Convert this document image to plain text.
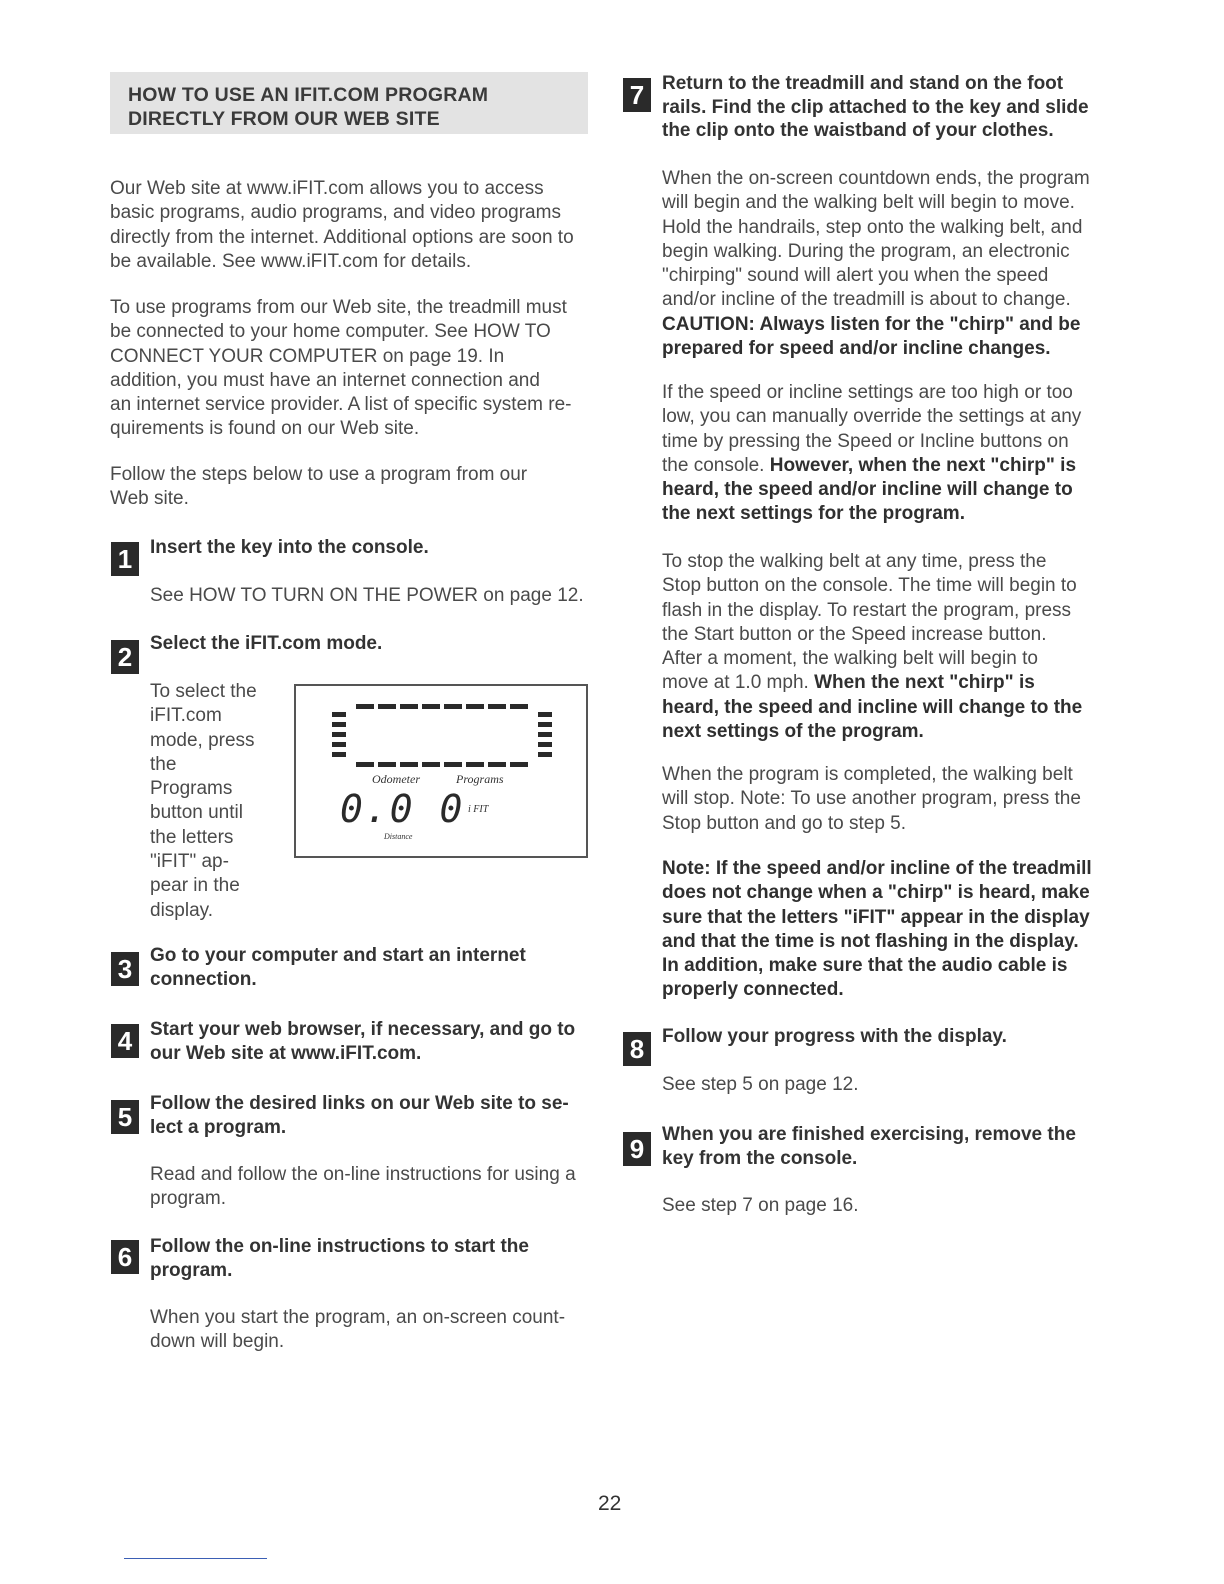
HOW TO USE AN IFIT.COM PROGRAM
DIRECTLY FROM OUR WEB SITE
Our Web site at www.iFIT.com allows you to access
basic programs, audio programs, and video programs
directly from the internet. Additional options are soon to
be available. See www.iFIT.com for details.
To use programs from our Web site, the treadmill must
be connected to your home computer. See HOW TO
CONNECT YOUR COMPUTER on page 19. In
addition, you must have an internet connection and
an internet service provider. A list of specific system re-
quirements is found on our Web site.
Follow the steps below to use a program from our
Web site.
1 Insert the key into the console.
See HOW TO TURN ON THE POWER on page 12.
2 Select the iFIT.com mode.
To select the
iFIT.com
mode, press
the
Programs
button until
the letters
"iFIT" ap-
pear in the
display.
Odometer	Programs
0.0 0 i FIT
Distance
3 Go to your computer and start an internet
connection.
4 Start your web browser, if necessary, and go to
our Web site at www.iFIT.com.
5 Follow the desired links on our Web site to se-
lect a program.
Read and follow the on-line instructions for using a
program.
6 Follow the on-line instructions to start the
program.
When you start the program, an on-screen count-
down will begin.
7 Return to the treadmill and stand on the foot
rails. Find the clip attached to the key and slide
the clip onto the waistband of your clothes.
When the on-screen countdown ends, the program
will begin and the walking belt will begin to move.
Hold the handrails, step onto the walking belt, and
begin walking. During the program, an electronic
"chirping" sound will alert you when the speed
and/or incline of the treadmill is about to change.
CAUTION: Always listen for the "chirp" and be
prepared for speed and/or incline changes.
If the speed or incline settings are too high or too
low, you can manually override the settings at any
time by pressing the Speed or Incline buttons on
the console. However, when the next "chirp" is
heard, the speed and/or incline will change to
the next settings for the program.
To stop the walking belt at any time, press the
Stop button on the console. The time will begin to
flash in the display. To restart the program, press
the Start button or the Speed increase button.
After a moment, the walking belt will begin to
move at 1.0 mph. When the next "chirp" is
heard, the speed and incline will change to the
next settings of the program.
When the program is completed, the walking belt
will stop. Note: To use another program, press the
Stop button and go to step 5.
Note: If the speed and/or incline of the treadmill
does not change when a "chirp" is heard, make
sure that the letters "iFIT" appear in the display
and that the time is not flashing in the display.
In addition, make sure that the audio cable is
properly connected.
8 Follow your progress with the display.
See step 5 on page 12.
9 When you are finished exercising, remove the
key from the console.
See step 7 on page 16.
22
